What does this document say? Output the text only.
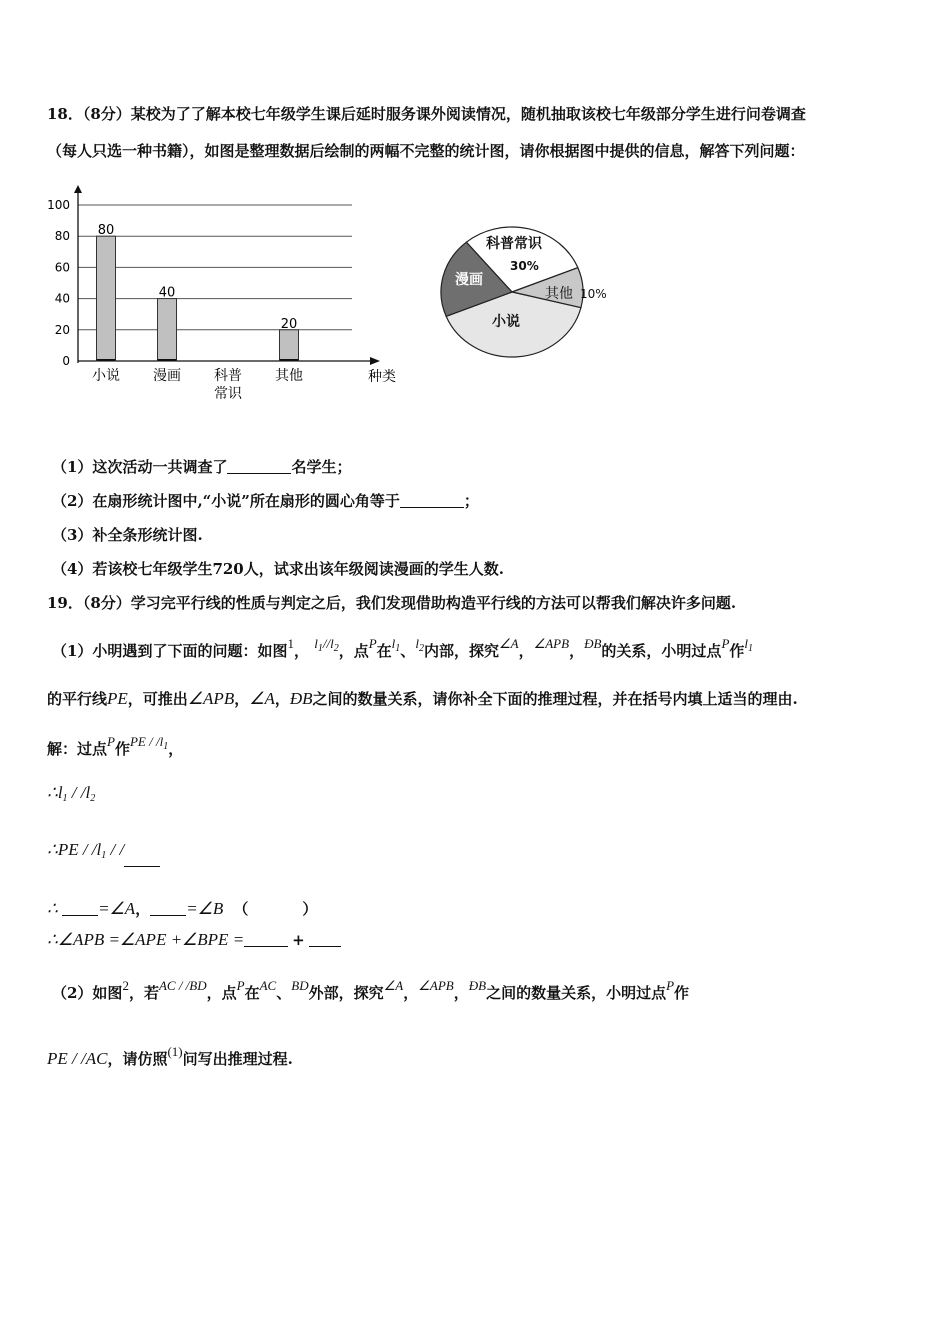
18．（8分）某校为了了解本校七年级学生课后延时服务课外阅读情况，随机抽取该校七年级部分学生进行问卷调查
（每人只选一种书籍），如图是整理数据后绘制的两幅不完整的统计图，请你根据图中提供的信息，解答下列问题：
0
20
40
60
80
100
80
40
20
小说 漫画 科普
常识
其他	种类
科普常识
30%
漫画
其他 10%
小说
（1）这次活动一共调查了	名学生；
（2）在扇形统计图中,“小说”所在扇形的圆心角等于	；
（3）补全条形统计图.
（4）若该校七年级学生720人，试求出该年级阅读漫画的学生人数.
19．（8分）学习完平行线的性质与判定之后，我们发现借助构造平行线的方法可以帮我们解决许多问题.
（1）小明遇到了下面的问题：如图1， $l_1//l_2$，点P在$l_1$、$l_2$内部，探究∠A，∠APB，ÐB的关系，小明过点P作$l_1$
的平行线PE，可推出∠APB，∠A，ÐB之间的数量关系，请你补全下面的推理过程，并在括号内填上适当的理由.
解：过点P作PE / $/l_1$，
$\therefore l_1 / /l_2$
∴PE / $/l_1$ / /
∴ =∠A， =∠B （	）
∴∠APB =∠APE +∠BPE =	+
（2）如图2，若AC / /BD，点P在AC、BD外部，探究∠A，∠APB，ÐB之间的数量关系，小明过点P作
PE / /AC，请仿照(1)问写出推理过程.
